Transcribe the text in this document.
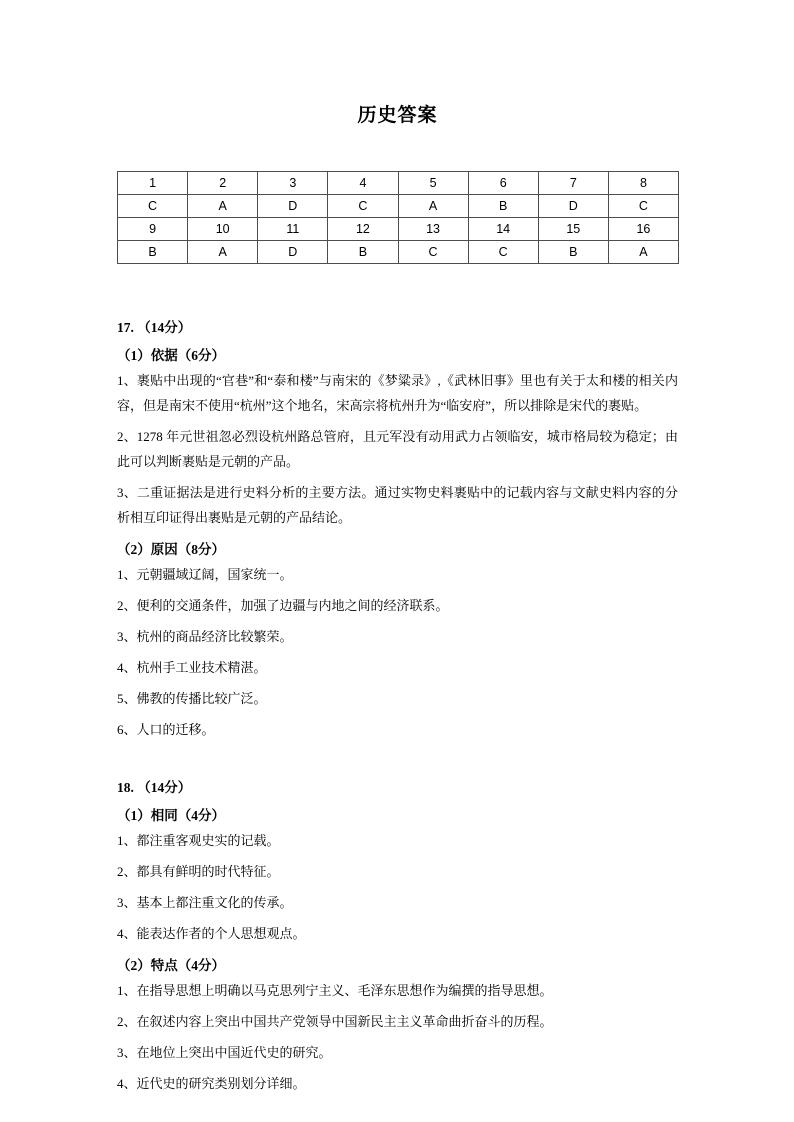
历史答案
1	2	3	4	5	6	7	8
C	A	D	C	A	B	D	C
9	10	11	12	13	14	15	16
B	A	D	B	C	C	B	A

17. （14分）

（1）依据（6分）

1、裹贴中出现的“官巷”和“泰和楼”与南宋的《梦粱录》,《武林旧事》里也有关于太和楼的相关内容，但是南宋不使用“杭州”这个地名，宋高宗将杭州升为“临安府”，所以排除是宋代的裹贴。

2、1278 年元世祖忽必烈设杭州路总管府，且元军没有动用武力占领临安，城市格局较为稳定；由此可以判断裹贴是元朝的产品。

3、二重证据法是进行史料分析的主要方法。通过实物史料裹贴中的记载内容与文献史料内容的分析相互印证得出裹贴是元朝的产品结论。

（2）原因（8分）

1、元朝疆域辽阔，国家统一。

2、便利的交通条件，加强了边疆与内地之间的经济联系。

3、杭州的商品经济比较繁荣。

4、杭州手工业技术精湛。

5、佛教的传播比较广泛。

6、人口的迁移。

18. （14分）

（1）相同（4分）

1、都注重客观史实的记载。

2、都具有鲜明的时代特征。

3、基本上都注重文化的传承。

4、能表达作者的个人思想观点。

（2）特点（4分）

1、在指导思想上明确以马克思列宁主义、毛泽东思想作为编撰的指导思想。

2、在叙述内容上突出中国共产党领导中国新民主主义革命曲折奋斗的历程。

3、在地位上突出中国近代史的研究。

4、近代史的研究类别划分详细。
